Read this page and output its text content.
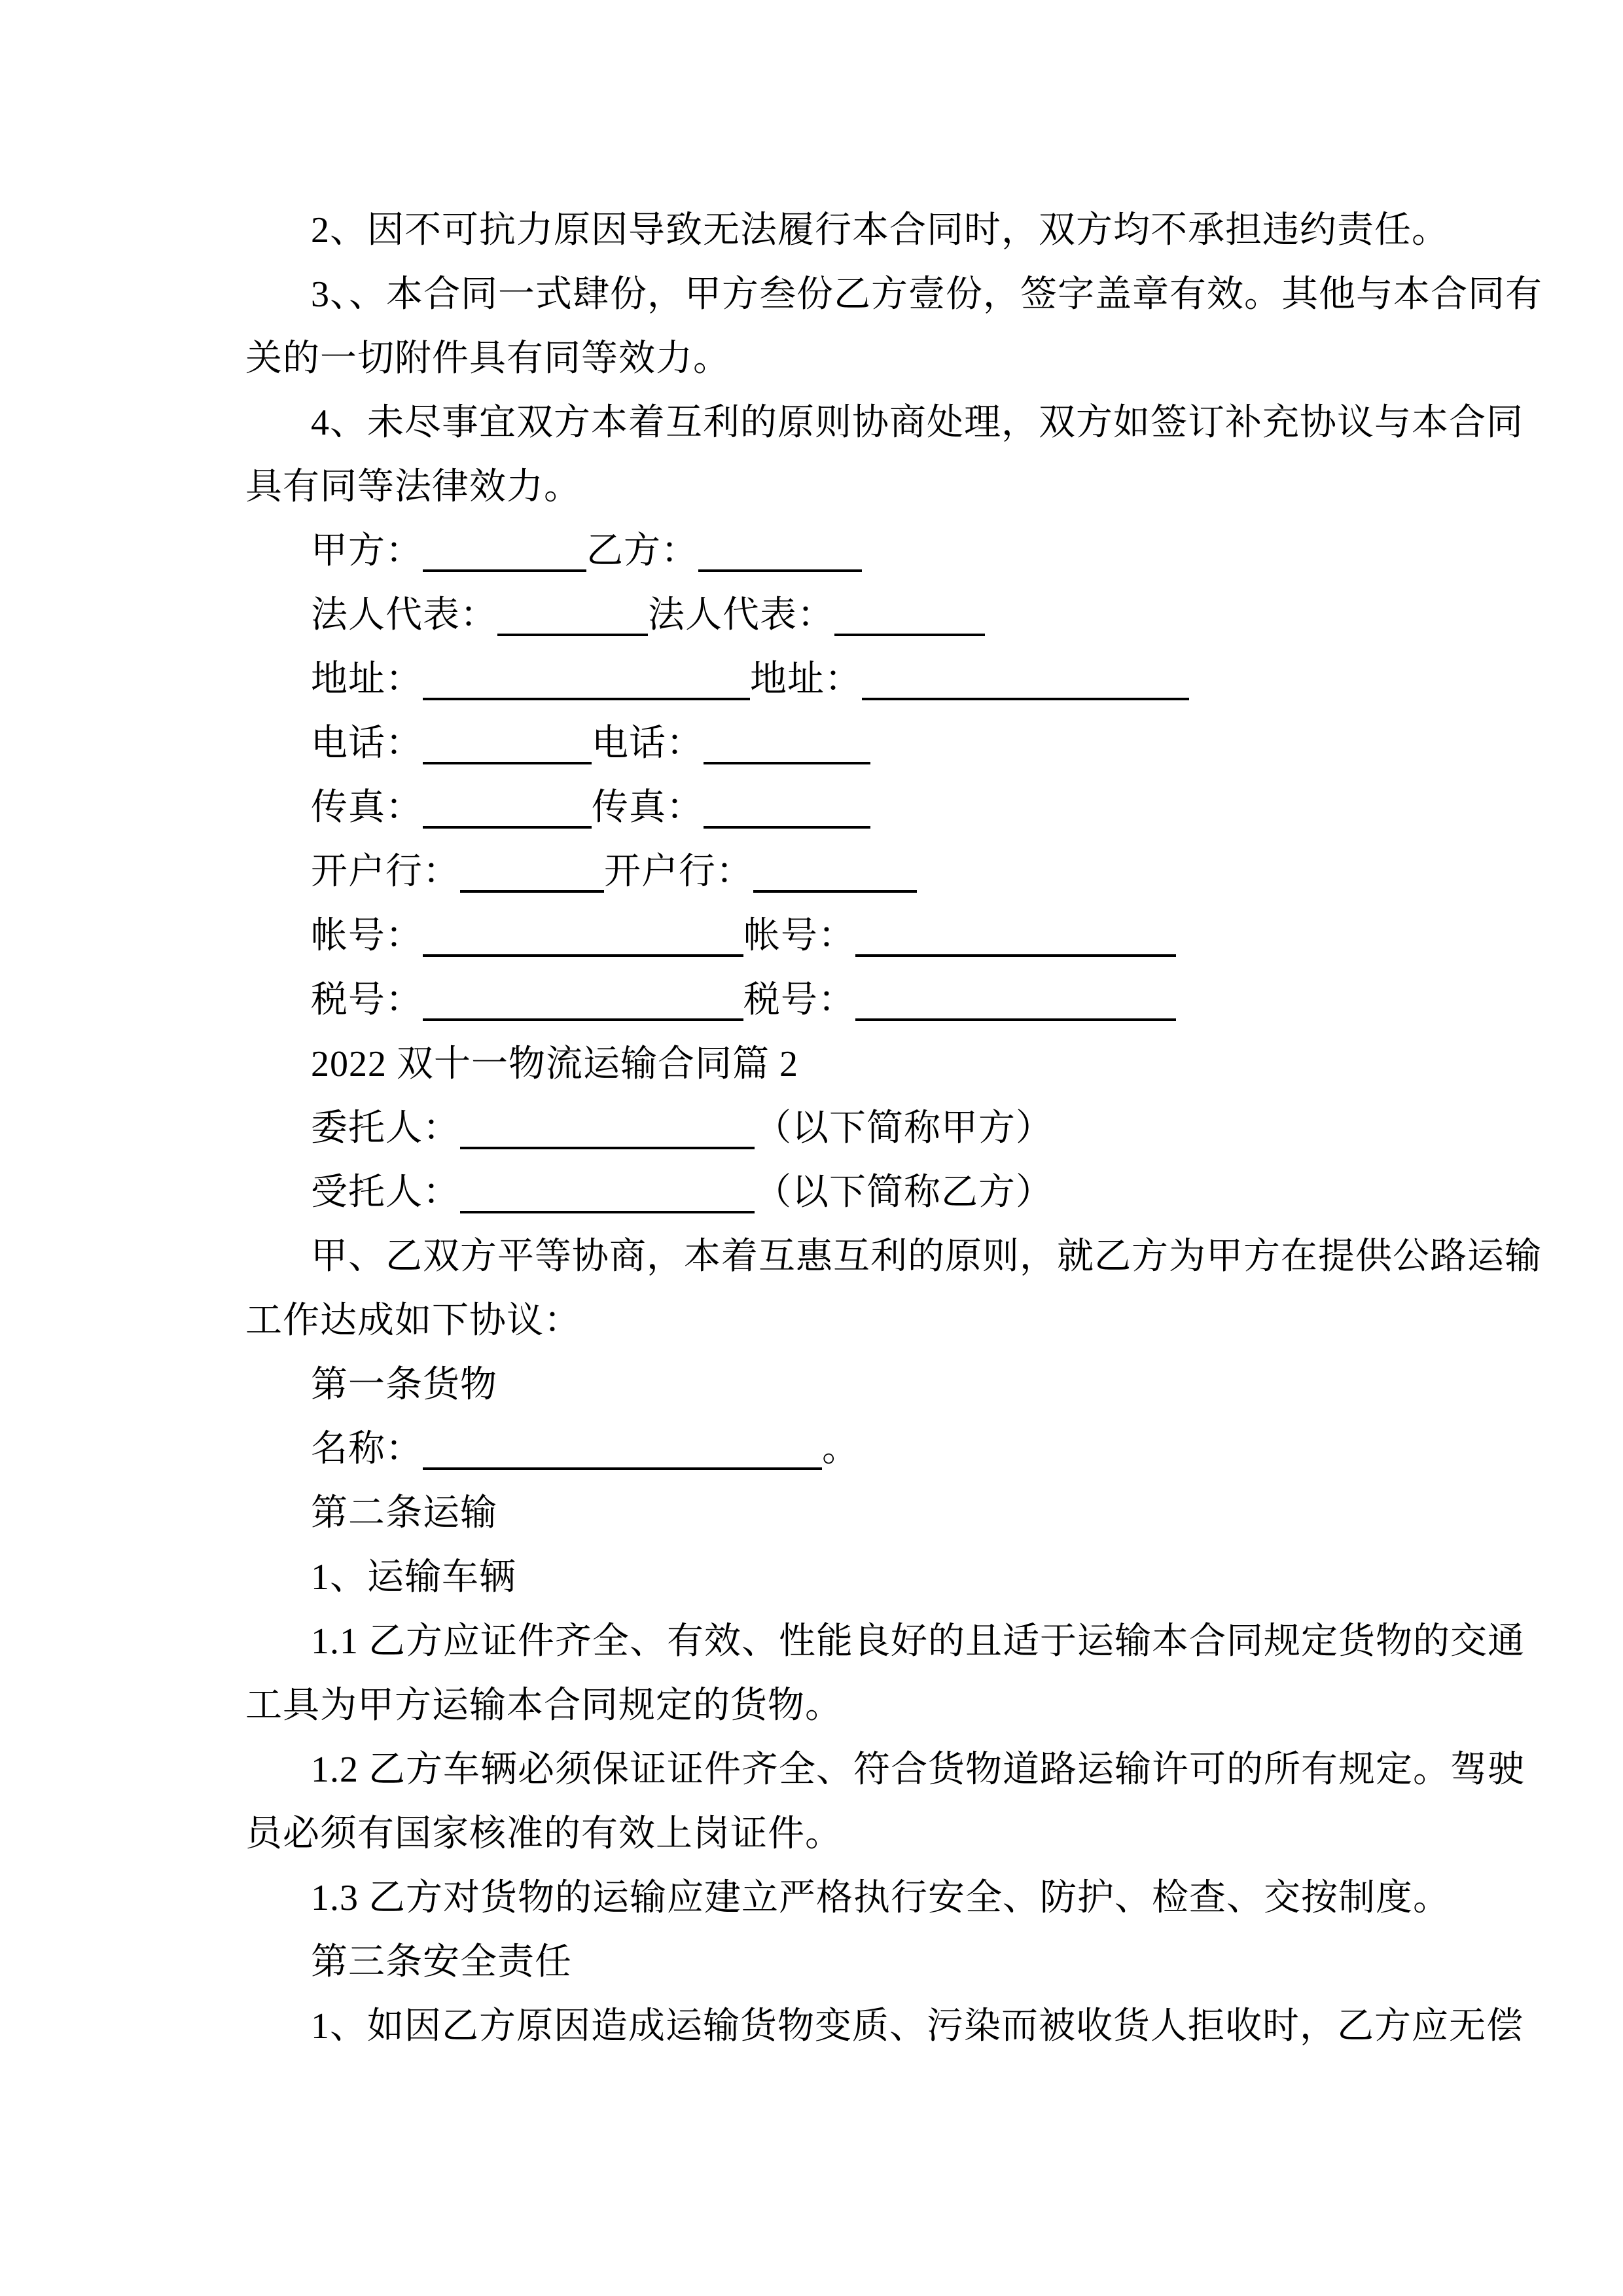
2、因不可抗力原因导致无法履行本合同时，双方均不承担违约责任。
3、、本合同一式肆份，甲方叁份乙方壹份，签字盖章有效。其他与本合同有
关的一切附件具有同等效力。
4、未尽事宜双方本着互利的原则协商处理，双方如签订补充协议与本合同
具有同等法律效力。
甲方：	乙方：
法人代表：	法人代表：
地址：	地址：
电话：	电话：
传真：	传真：
开户行：	开户行：
帐号：	帐号：
税号：	税号：
2022 双十一物流运输合同篇 2
委托人：	（以下简称甲方）
受托人：	（以下简称乙方）
甲、乙双方平等协商，本着互惠互利的原则，就乙方为甲方在提供公路运输
工作达成如下协议：
第一条货物
名称：	。
第二条运输
1、运输车辆
1.1 乙方应证件齐全、有效、性能良好的且适于运输本合同规定货物的交通
工具为甲方运输本合同规定的货物。
1.2 乙方车辆必须保证证件齐全、符合货物道路运输许可的所有规定。驾驶
员必须有国家核准的有效上岗证件。
1.3 乙方对货物的运输应建立严格执行安全、防护、检查、交按制度。
第三条安全责任
1、如因乙方原因造成运输货物变质、污染而被收货人拒收时，乙方应无偿
